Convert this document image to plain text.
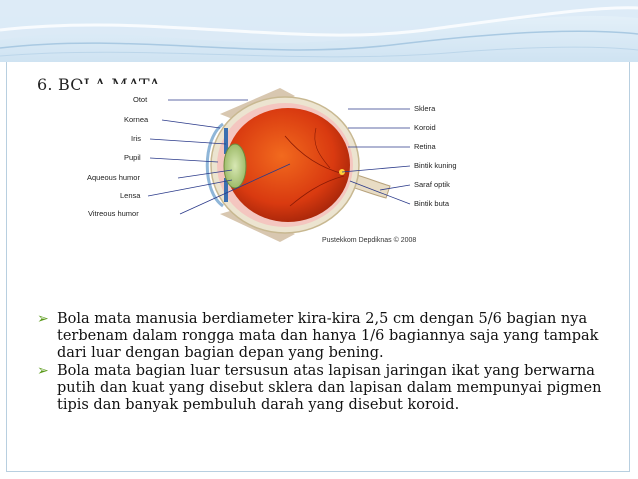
6. BOLA MATA
Otot
Kornea
Iris
Pupil
Aqueous humor
Lensa
Vitreous humor
Sklera
Koroid
Retina
Bintik kuning
Saraf optik
Bintik buta
Pustekkom Depdiknas © 2008
➢ Bola mata manusia berdiameter kira-kira 2,5 cm dengan 5/6 bagian nya terbenam dalam rongga mata dan hanya 1/6 bagiannya saja yang tampak dari luar dengan bagian depan yang bening.
➢ Bola mata bagian luar tersusun atas lapisan jaringan ikat yang berwarna putih dan kuat yang disebut sklera dan lapisan dalam mempunyai pigmen tipis dan banyak pembuluh darah yang disebut koroid.
